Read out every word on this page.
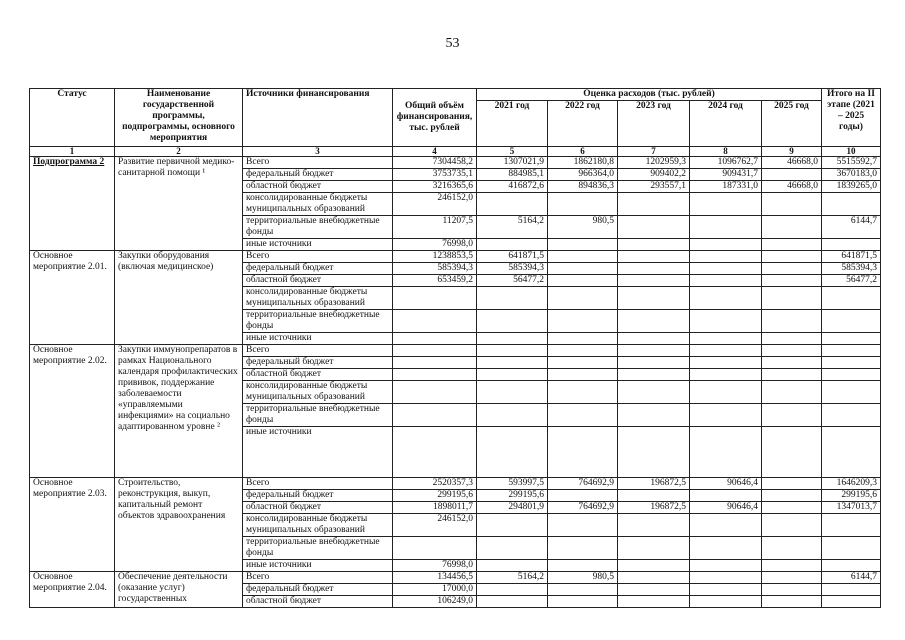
53
Статус	Наименование государственной программы, подпрограммы, основного мероприятия	Источники финансирования	Общий объём финансирования, тыс. рублей	Оценка расходов (тыс. рублей)					Итого на II этапе (2021 – 2025 годы)
				2021 год	2022 год	2023 год	2024 год	2025 год	
1	2	3	4	5	6	7	8	9	10
Подпрограмма 2	Развитие первичной медико-санитарной помощи ¹	Всего	7304458,2	1307021,9	1862180,8	1202959,3	1096762,7	46668,0	5515592,7
		федеральный бюджет	3753735,1	884985,1	966364,0	909402,2	909431,7		3670183,0
		областной бюджет	3216365,6	416872,6	894836,3	293557,1	187331,0	46668,0	1839265,0
		консолидированные бюджеты муниципальных образований	246152,0						
		территориальные внебюджетные фонды	11207,5	5164,2	980,5				6144,7
		иные источники	76998,0						
Основное мероприятие 2.01.	Закупки оборудования (включая медицинское)	Всего	1238853,5	641871,5					641871,5
		федеральный бюджет	585394,3	585394,3					585394,3
		областной бюджет	653459,2	56477,2					56477,2
		консолидированные бюджеты муниципальных образований							
		территориальные внебюджетные фонды							
		иные источники							
Основное мероприятие 2.02.	Закупки иммунопрепаратов в рамках Национального календаря профилактических прививок, поддержание заболеваемости «управляемыми инфекциями» на социально адаптированном уровне ²	Всего							
		федеральный бюджет							
		областной бюджет							
		консолидированные бюджеты муниципальных образований							
		территориальные внебюджетные фонды							
		иные источники							
Основное мероприятие 2.03.	Строительство, реконструкция, выкуп, капитальный ремонт объектов здравоохранения	Всего	2520357,3	593997,5	764692,9	196872,5	90646,4		1646209,3
		федеральный бюджет	299195,6	299195,6					299195,6
		областной бюджет	1898011,7	294801,9	764692,9	196872,5	90646,4		1347013,7
		консолидированные бюджеты муниципальных образований	246152,0						
		территориальные внебюджетные фонды							
		иные источники	76998,0						
Основное мероприятие 2.04.	Обеспечение деятельности (оказание услуг) государственных	Всего	134456,5	5164,2	980,5				6144,7
		федеральный бюджет	17000,0						
		областной бюджет	106249,0						
